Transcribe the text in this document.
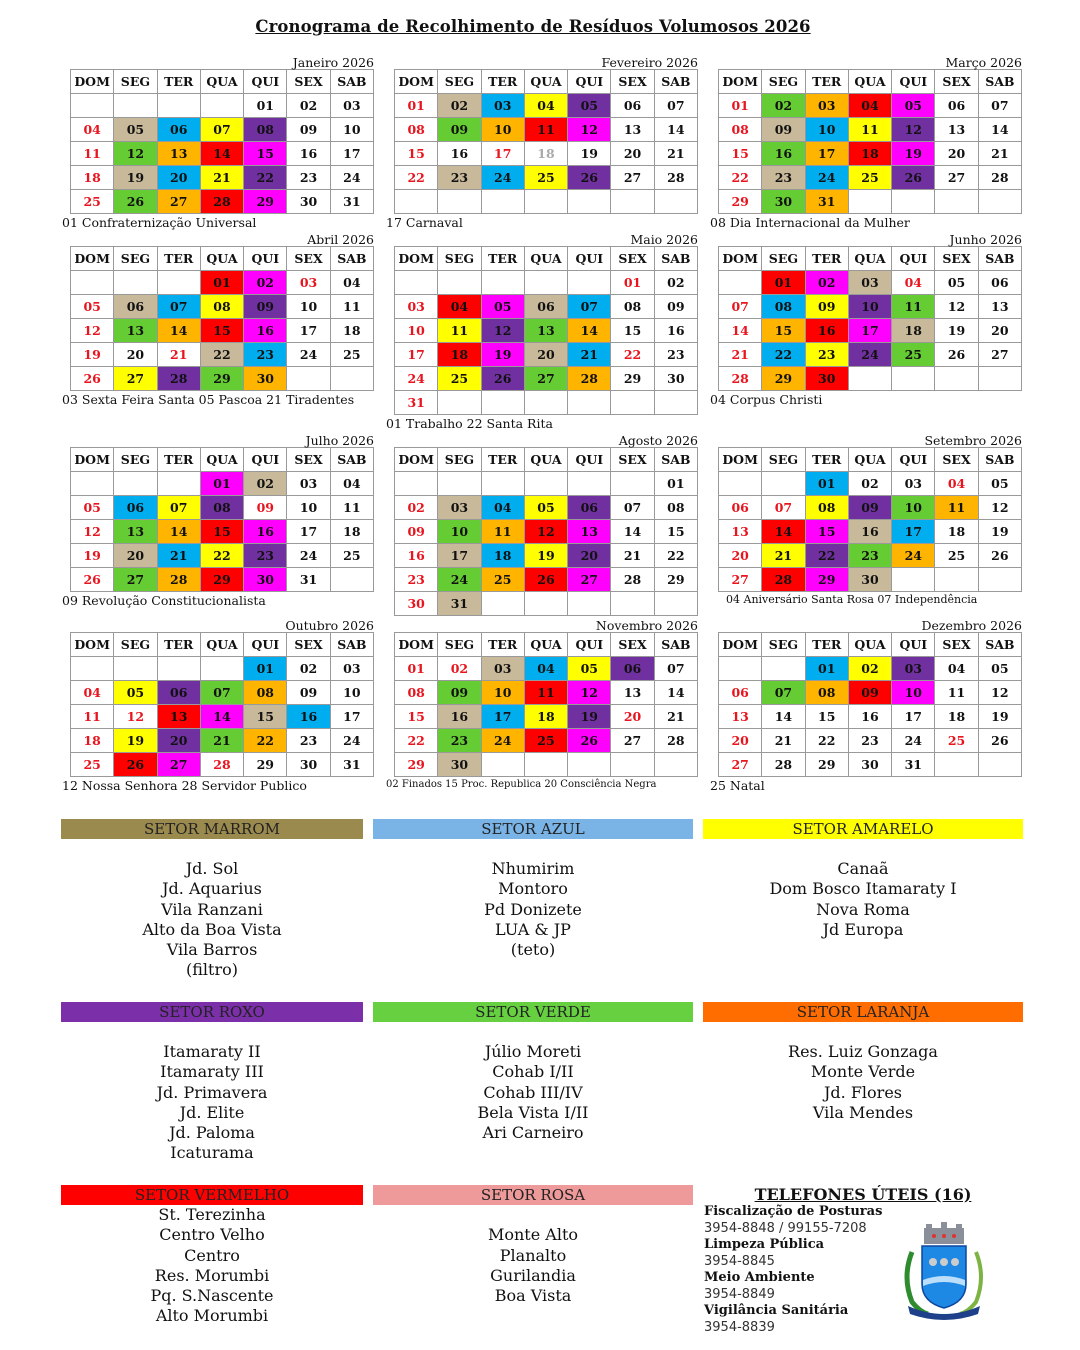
Cronograma de Recolhimento de Resíduos Volumosos 2026
Janeiro 2026
DOM	SEG	TER	QUA	QUI	SEX	SAB
				01	02	03
04	05	06	07	08	09	10
11	12	13	14	15	16	17
18	19	20	21	22	23	24
25	26	27	28	29	30	31
01 Confraternização Universal
Fevereiro 2026
DOM	SEG	TER	QUA	QUI	SEX	SAB
01	02	03	04	05	06	07
08	09	10	11	12	13	14
15	16	17	18	19	20	21
22	23	24	25	26	27	28

17 Carnaval
Março 2026
DOM	SEG	TER	QUA	QUI	SEX	SAB
01	02	03	04	05	06	07
08	09	10	11	12	13	14
15	16	17	18	19	20	21
22	23	24	25	26	27	28
29	30	31				
08 Dia Internacional da Mulher
Abril 2026
DOM	SEG	TER	QUA	QUI	SEX	SAB
			01	02	03	04
05	06	07	08	09	10	11
12	13	14	15	16	17	18
19	20	21	22	23	24	25
26	27	28	29	30		
03 Sexta Feira Santa 05 Pascoa 21 Tiradentes
Maio 2026
DOM	SEG	TER	QUA	QUI	SEX	SAB
					01	02
03	04	05	06	07	08	09
10	11	12	13	14	15	16
17	18	19	20	21	22	23
24	25	26	27	28	29	30
31						
01 Trabalho 22 Santa Rita
Junho 2026
DOM	SEG	TER	QUA	QUI	SEX	SAB
	01	02	03	04	05	06
07	08	09	10	11	12	13
14	15	16	17	18	19	20
21	22	23	24	25	26	27
28	29	30				
04 Corpus Christi
Julho 2026
DOM	SEG	TER	QUA	QUI	SEX	SAB
			01	02	03	04
05	06	07	08	09	10	11
12	13	14	15	16	17	18
19	20	21	22	23	24	25
26	27	28	29	30	31	
09 Revolução Constitucionalista
Agosto 2026
DOM	SEG	TER	QUA	QUI	SEX	SAB
						01
02	03	04	05	06	07	08
09	10	11	12	13	14	15
16	17	18	19	20	21	22
23	24	25	26	27	28	29
30	31					
Setembro 2026
DOM	SEG	TER	QUA	QUI	SEX	SAB
		01	02	03	04	05
06	07	08	09	10	11	12
13	14	15	16	17	18	19
20	21	22	23	24	25	26
27	28	29	30			
04 Aniversário Santa Rosa 07 Independência
Outubro 2026
DOM	SEG	TER	QUA	QUI	SEX	SAB
				01	02	03
04	05	06	07	08	09	10
11	12	13	14	15	16	17
18	19	20	21	22	23	24
25	26	27	28	29	30	31
12 Nossa Senhora 28 Servidor Publico
Novembro 2026
DOM	SEG	TER	QUA	QUI	SEX	SAB
01	02	03	04	05	06	07
08	09	10	11	12	13	14
15	16	17	18	19	20	21
22	23	24	25	26	27	28
29	30					
02 Finados 15 Proc. Republica 20 Consciência Negra
Dezembro 2026
DOM	SEG	TER	QUA	QUI	SEX	SAB
		01	02	03	04	05
06	07	08	09	10	11	12
13	14	15	16	17	18	19
20	21	22	23	24	25	26
27	28	29	30	31		
25 Natal
SETOR MARROM
Jd. Sol
Jd. Aquarius
Vila Ranzani
Alto da Boa Vista
Vila Barros
(filtro)
SETOR AZUL
Nhumirim
Montoro
Pd Donizete
LUA & JP
(teto)
SETOR AMARELO
Canaã
Dom Bosco Itamaraty I
Nova Roma
Jd Europa
SETOR ROXO
Itamaraty II
Itamaraty III
Jd. Primavera
Jd. Elite
Jd. Paloma
Icaturama
SETOR VERDE
Júlio Moreti
Cohab I/II
Cohab III/IV
Bela Vista I/II
Ari Carneiro
SETOR LARANJA
Res. Luiz Gonzaga
Monte Verde
Jd. Flores
Vila Mendes
SETOR VERMELHO
St. Terezinha
Centro Velho
Centro
Res. Morumbi
Pq. S.Nascente
Alto Morumbi
SETOR ROSA
Monte Alto
Planalto
Gurilandia
Boa Vista
TELEFONES ÚTEIS (16)
Fiscalização de Posturas
3954-8848 / 99155-7208
Limpeza Pública
3954-8845
Meio Ambiente
3954-8849
Vigilância Sanitária
3954-8839
